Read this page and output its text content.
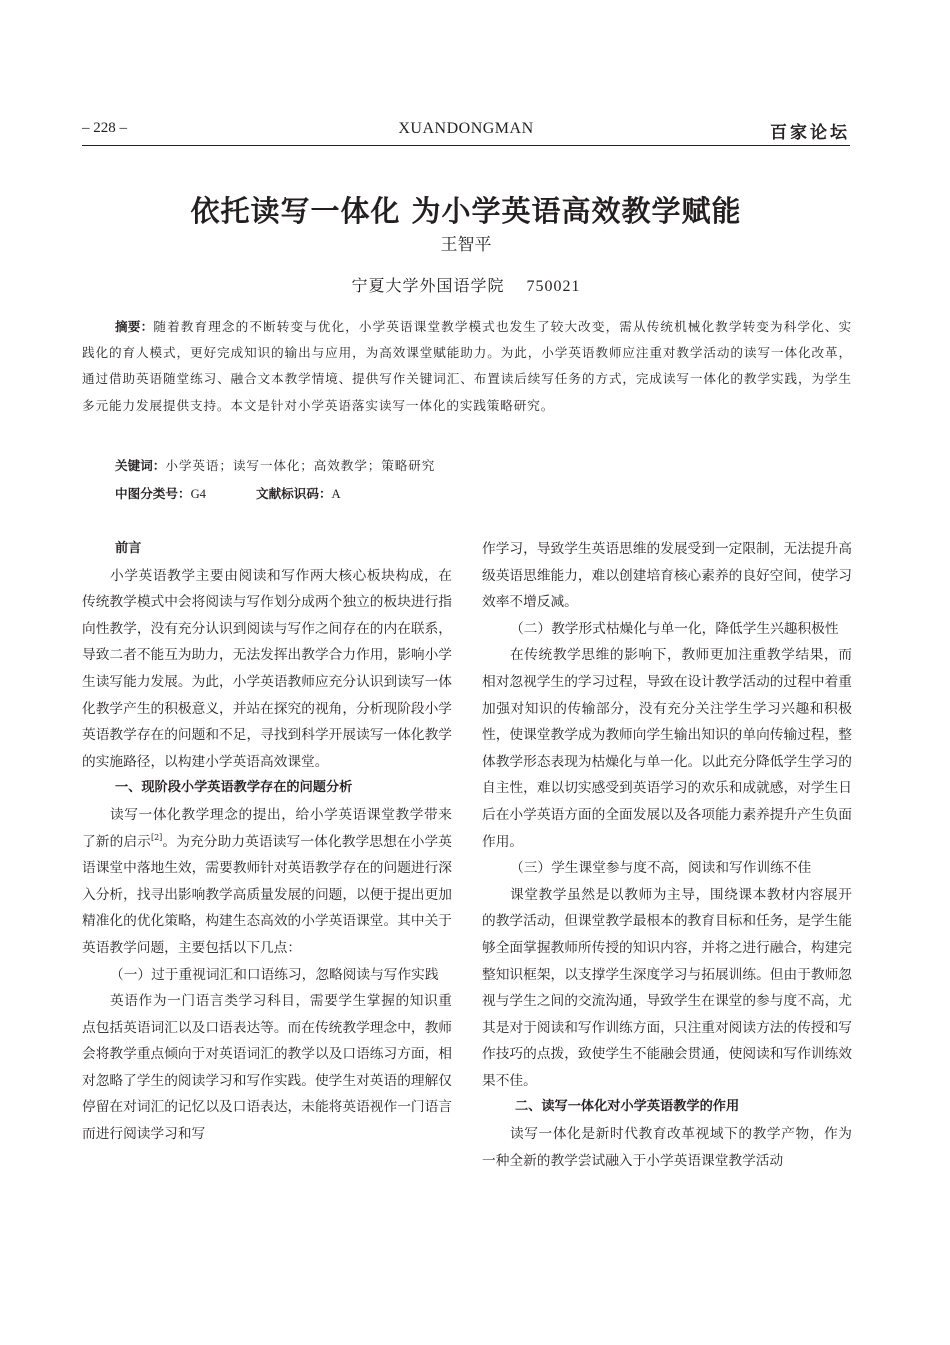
– 228 –	XUANDONGMAN	百家论坛
依托读写一体化 为小学英语高效教学赋能
王智平
宁夏大学外国语学院 750021
摘要：随着教育理念的不断转变与优化，小学英语课堂教学模式也发生了较大改变，需从传统机械化教学转变为科学化、实践化的育人模式，更好完成知识的输出与应用，为高效课堂赋能助力。为此，小学英语教师应注重对教学活动的读写一体化改革，通过借助英语随堂练习、融合文本教学情境、提供写作关键词汇、布置读后续写任务的方式，完成读写一体化的教学实践，为学生多元能力发展提供支持。本文是针对小学英语落实读写一体化的实践策略研究。
关键词：小学英语；读写一体化；高效教学；策略研究
中图分类号：G4	文献标识码：A
前言

小学英语教学主要由阅读和写作两大核心板块构成，在传统教学模式中会将阅读与写作划分成两个独立的板块进行指向性教学，没有充分认识到阅读与写作之间存在的内在联系，导致二者不能互为助力，无法发挥出教学合力作用，影响小学生读写能力发展。为此，小学英语教师应充分认识到读写一体化教学产生的积极意义，并站在探究的视角，分析现阶段小学英语教学存在的问题和不足，寻找到科学开展读写一体化教学的实施路径，以构建小学英语高效课堂。

一、现阶段小学英语教学存在的问题分析

读写一体化教学理念的提出，给小学英语课堂教学带来了新的启示[2]。为充分助力英语读写一体化教学思想在小学英语课堂中落地生效，需要教师针对英语教学存在的问题进行深入分析，找寻出影响教学高质量发展的问题，以便于提出更加精准化的优化策略，构建生态高效的小学英语课堂。其中关于英语教学问题，主要包括以下几点：

（一）过于重视词汇和口语练习，忽略阅读与写作实践

英语作为一门语言类学习科目，需要学生掌握的知识重点包括英语词汇以及口语表达等。而在传统教学理念中，教师会将教学重点倾向于对英语词汇的教学以及口语练习方面，相对忽略了学生的阅读学习和写作实践。使学生对英语的理解仅停留在对词汇的记忆以及口语表达，未能将英语视作一门语言而进行阅读学习和写

作学习，导致学生英语思维的发展受到一定限制，无法提升高级英语思维能力，难以创建培育核心素养的良好空间，使学习效率不增反减。

（二）教学形式枯燥化与单一化，降低学生兴趣积极性

在传统教学思维的影响下，教师更加注重教学结果，而相对忽视学生的学习过程，导致在设计教学活动的过程中着重加强对知识的传输部分，没有充分关注学生学习兴趣和积极性，使课堂教学成为教师向学生输出知识的单向传输过程，整体教学形态表现为枯燥化与单一化。以此充分降低学生学习的自主性，难以切实感受到英语学习的欢乐和成就感，对学生日后在小学英语方面的全面发展以及各项能力素养提升产生负面作用。

（三）学生课堂参与度不高，阅读和写作训练不佳

课堂教学虽然是以教师为主导，围绕课本教材内容展开的教学活动，但课堂教学最根本的教育目标和任务，是学生能够全面掌握教师所传授的知识内容，并将之进行融合，构建完整知识框架，以支撑学生深度学习与拓展训练。但由于教师忽视与学生之间的交流沟通，导致学生在课堂的参与度不高，尤其是对于阅读和写作训练方面，只注重对阅读方法的传授和写作技巧的点拨，致使学生不能融会贯通，使阅读和写作训练效果不佳。

二、读写一体化对小学英语教学的作用

读写一体化是新时代教育改革视域下的教学产物，作为一种全新的教学尝试融入于小学英语课堂教学活动
